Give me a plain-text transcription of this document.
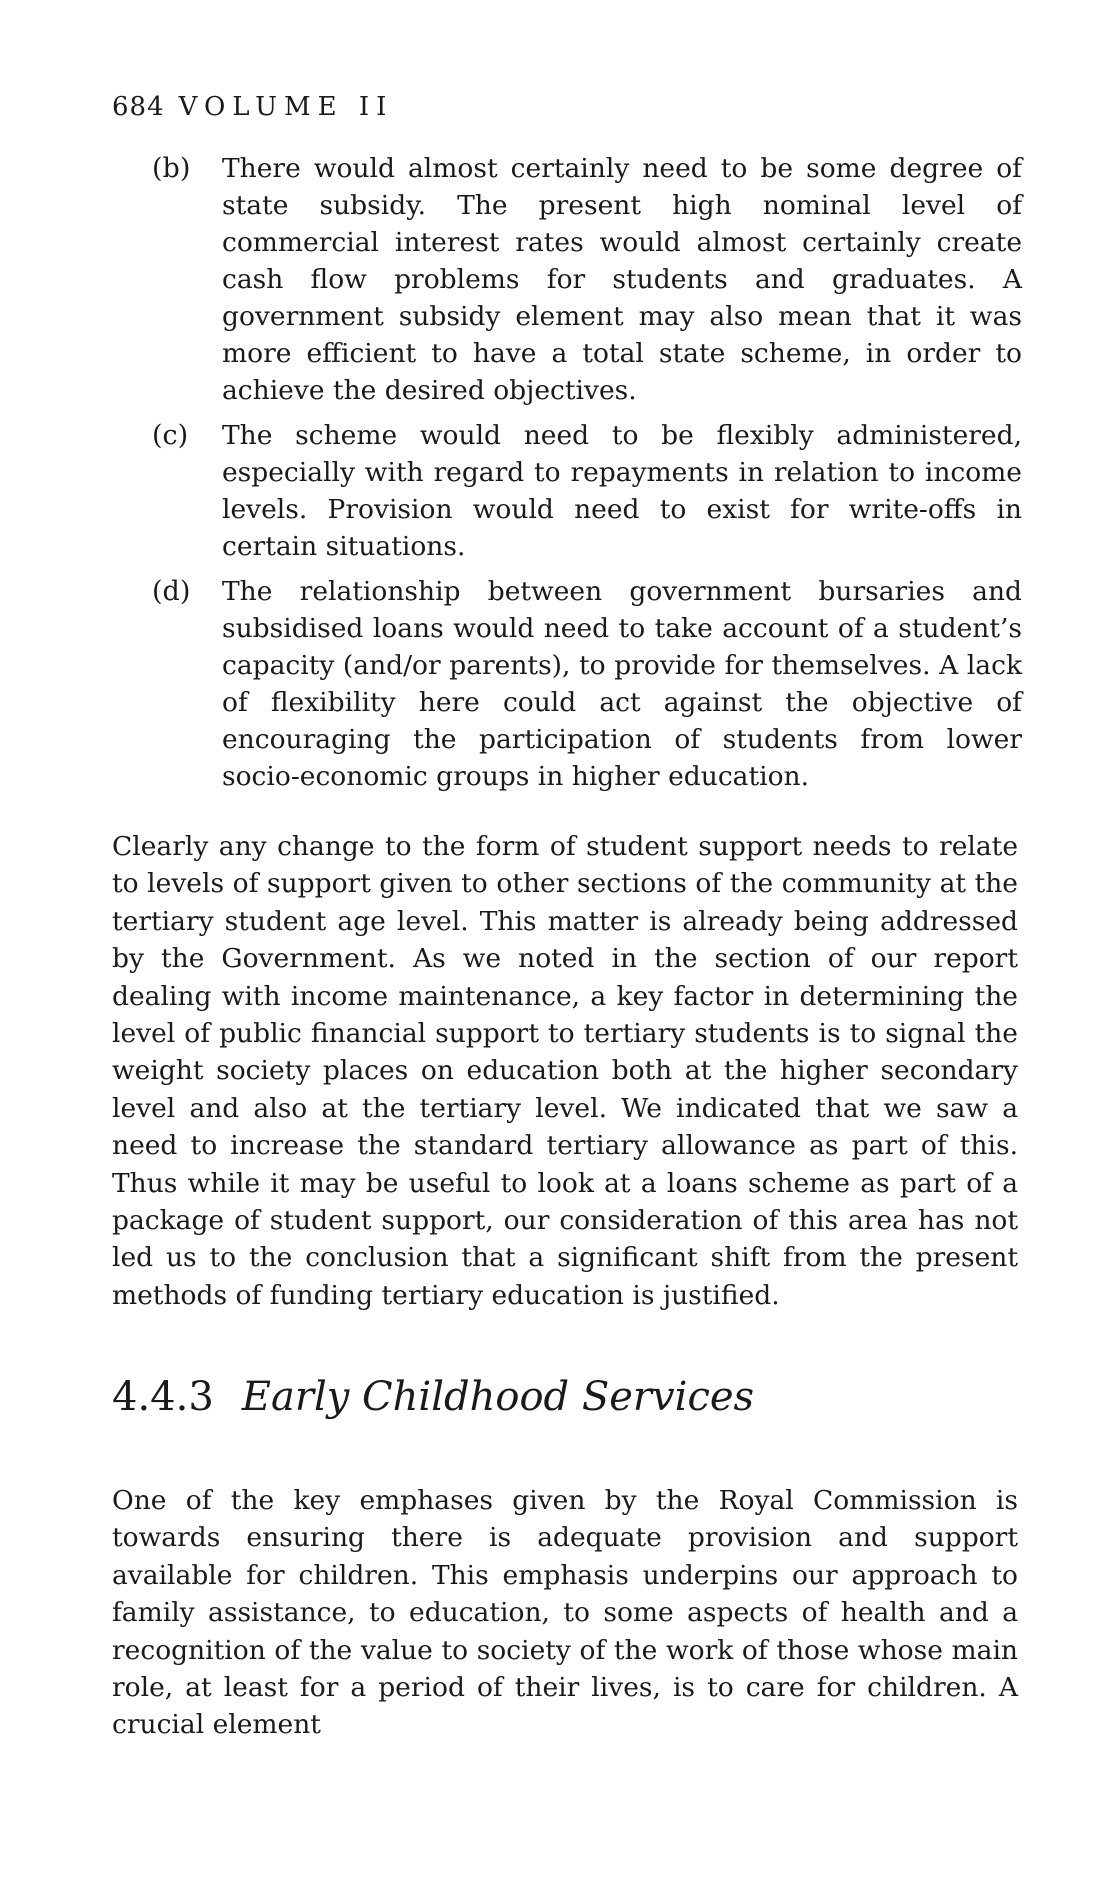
684 VOLUME II
(b) There would almost certainly need to be some degree of state subsidy. The present high nominal level of commercial interest rates would almost certainly create cash flow problems for students and graduates. A government subsidy element may also mean that it was more efficient to have a total state scheme, in order to achieve the desired objectives.
(c) The scheme would need to be flexibly administered, especially with regard to repayments in relation to income levels. Provision would need to exist for write-offs in certain situations.
(d) The relationship between government bursaries and subsidised loans would need to take account of a student’s capacity (and/or parents), to provide for themselves. A lack of flexibility here could act against the objective of encouraging the participation of students from lower socio-economic groups in higher education.

Clearly any change to the form of student support needs to relate to levels of support given to other sections of the community at the tertiary student age level. This matter is already being addressed by the Government. As we noted in the section of our report dealing with income maintenance, a key factor in determining the level of public financial support to tertiary students is to signal the weight society places on education both at the higher secondary level and also at the tertiary level. We indicated that we saw a need to increase the standard tertiary allowance as part of this. Thus while it may be useful to look at a loans scheme as part of a package of student support, our consideration of this area has not led us to the conclusion that a significant shift from the present methods of funding tertiary education is justified.

4.4.3 Early Childhood Services

One of the key emphases given by the Royal Commission is towards ensuring there is adequate provision and support available for children. This emphasis underpins our approach to family assistance, to education, to some aspects of health and a recognition of the value to society of the work of those whose main role, at least for a period of their lives, is to care for children. A crucial element
